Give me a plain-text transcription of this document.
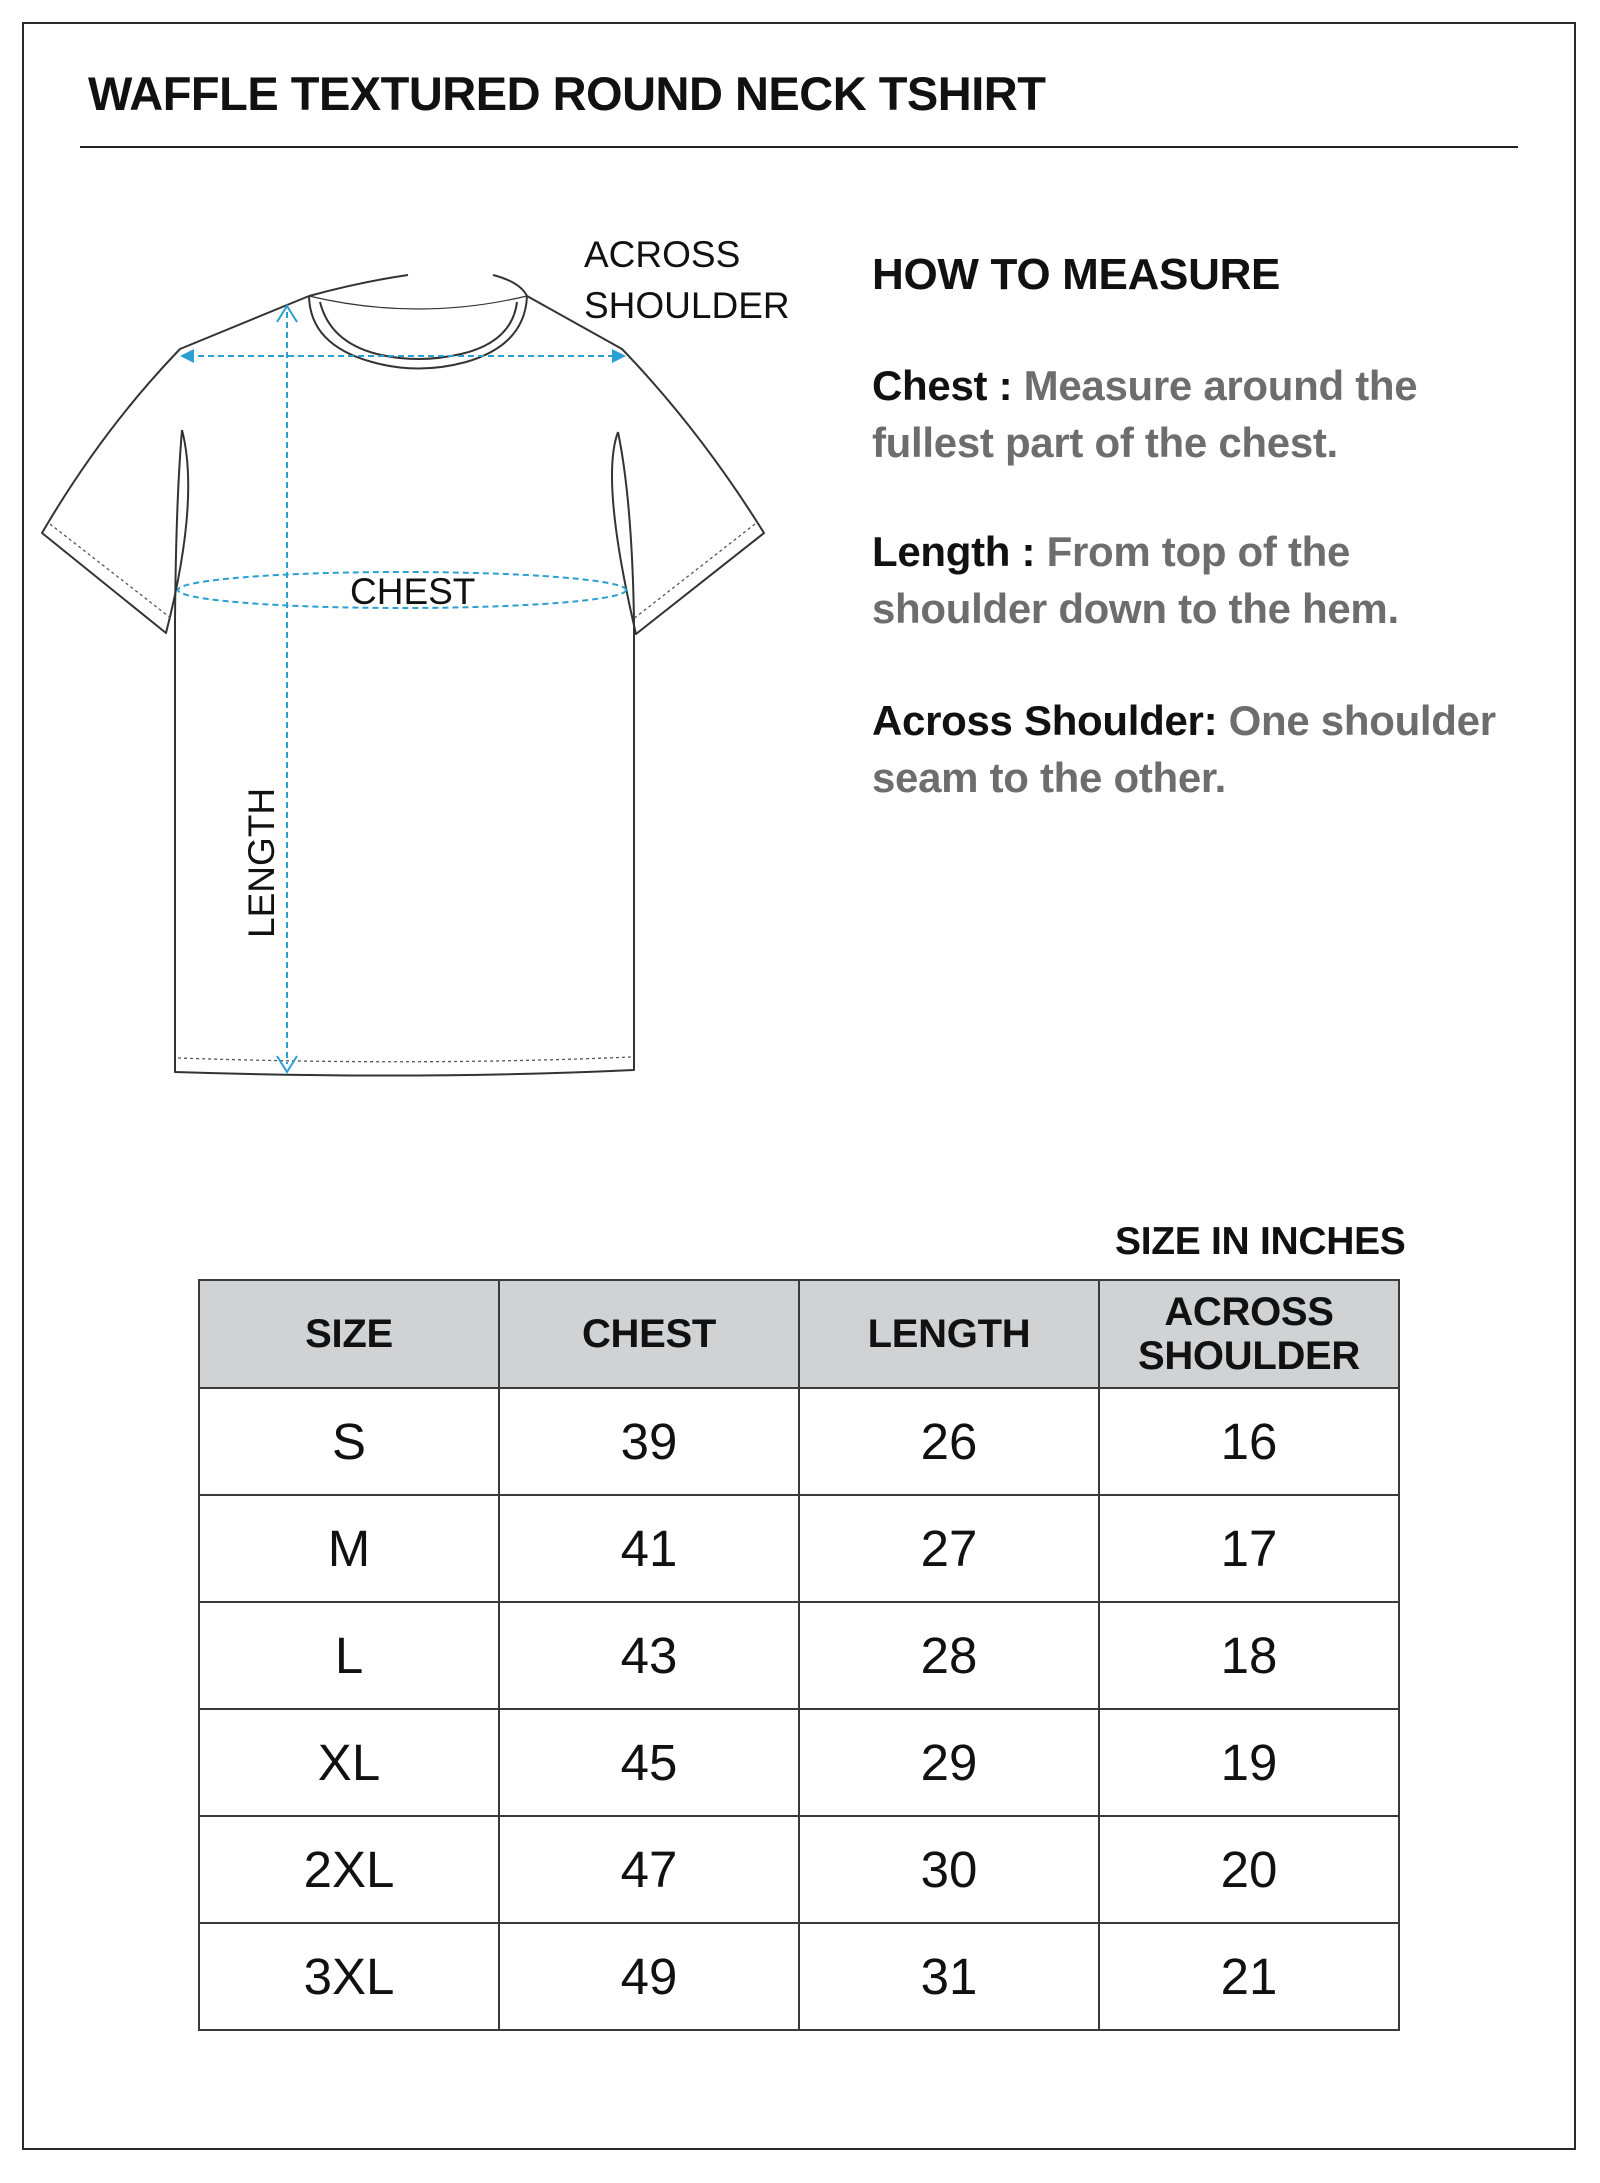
WAFFLE TEXTURED ROUND NECK TSHIRT
ACROSS SHOULDER
CHEST
LENGTH
HOW TO MEASURE
Chest : Measure around the fullest part of the chest.
Length : From top of the shoulder down to the hem.
Across Shoulder: One shoulder seam to the other.
SIZE IN INCHES
SIZE	CHEST	LENGTH	ACROSS
SHOULDER
S	39	26	16
M	41	27	17
L	43	28	18
XL	45	29	19
2XL	47	30	20
3XL	49	31	21
